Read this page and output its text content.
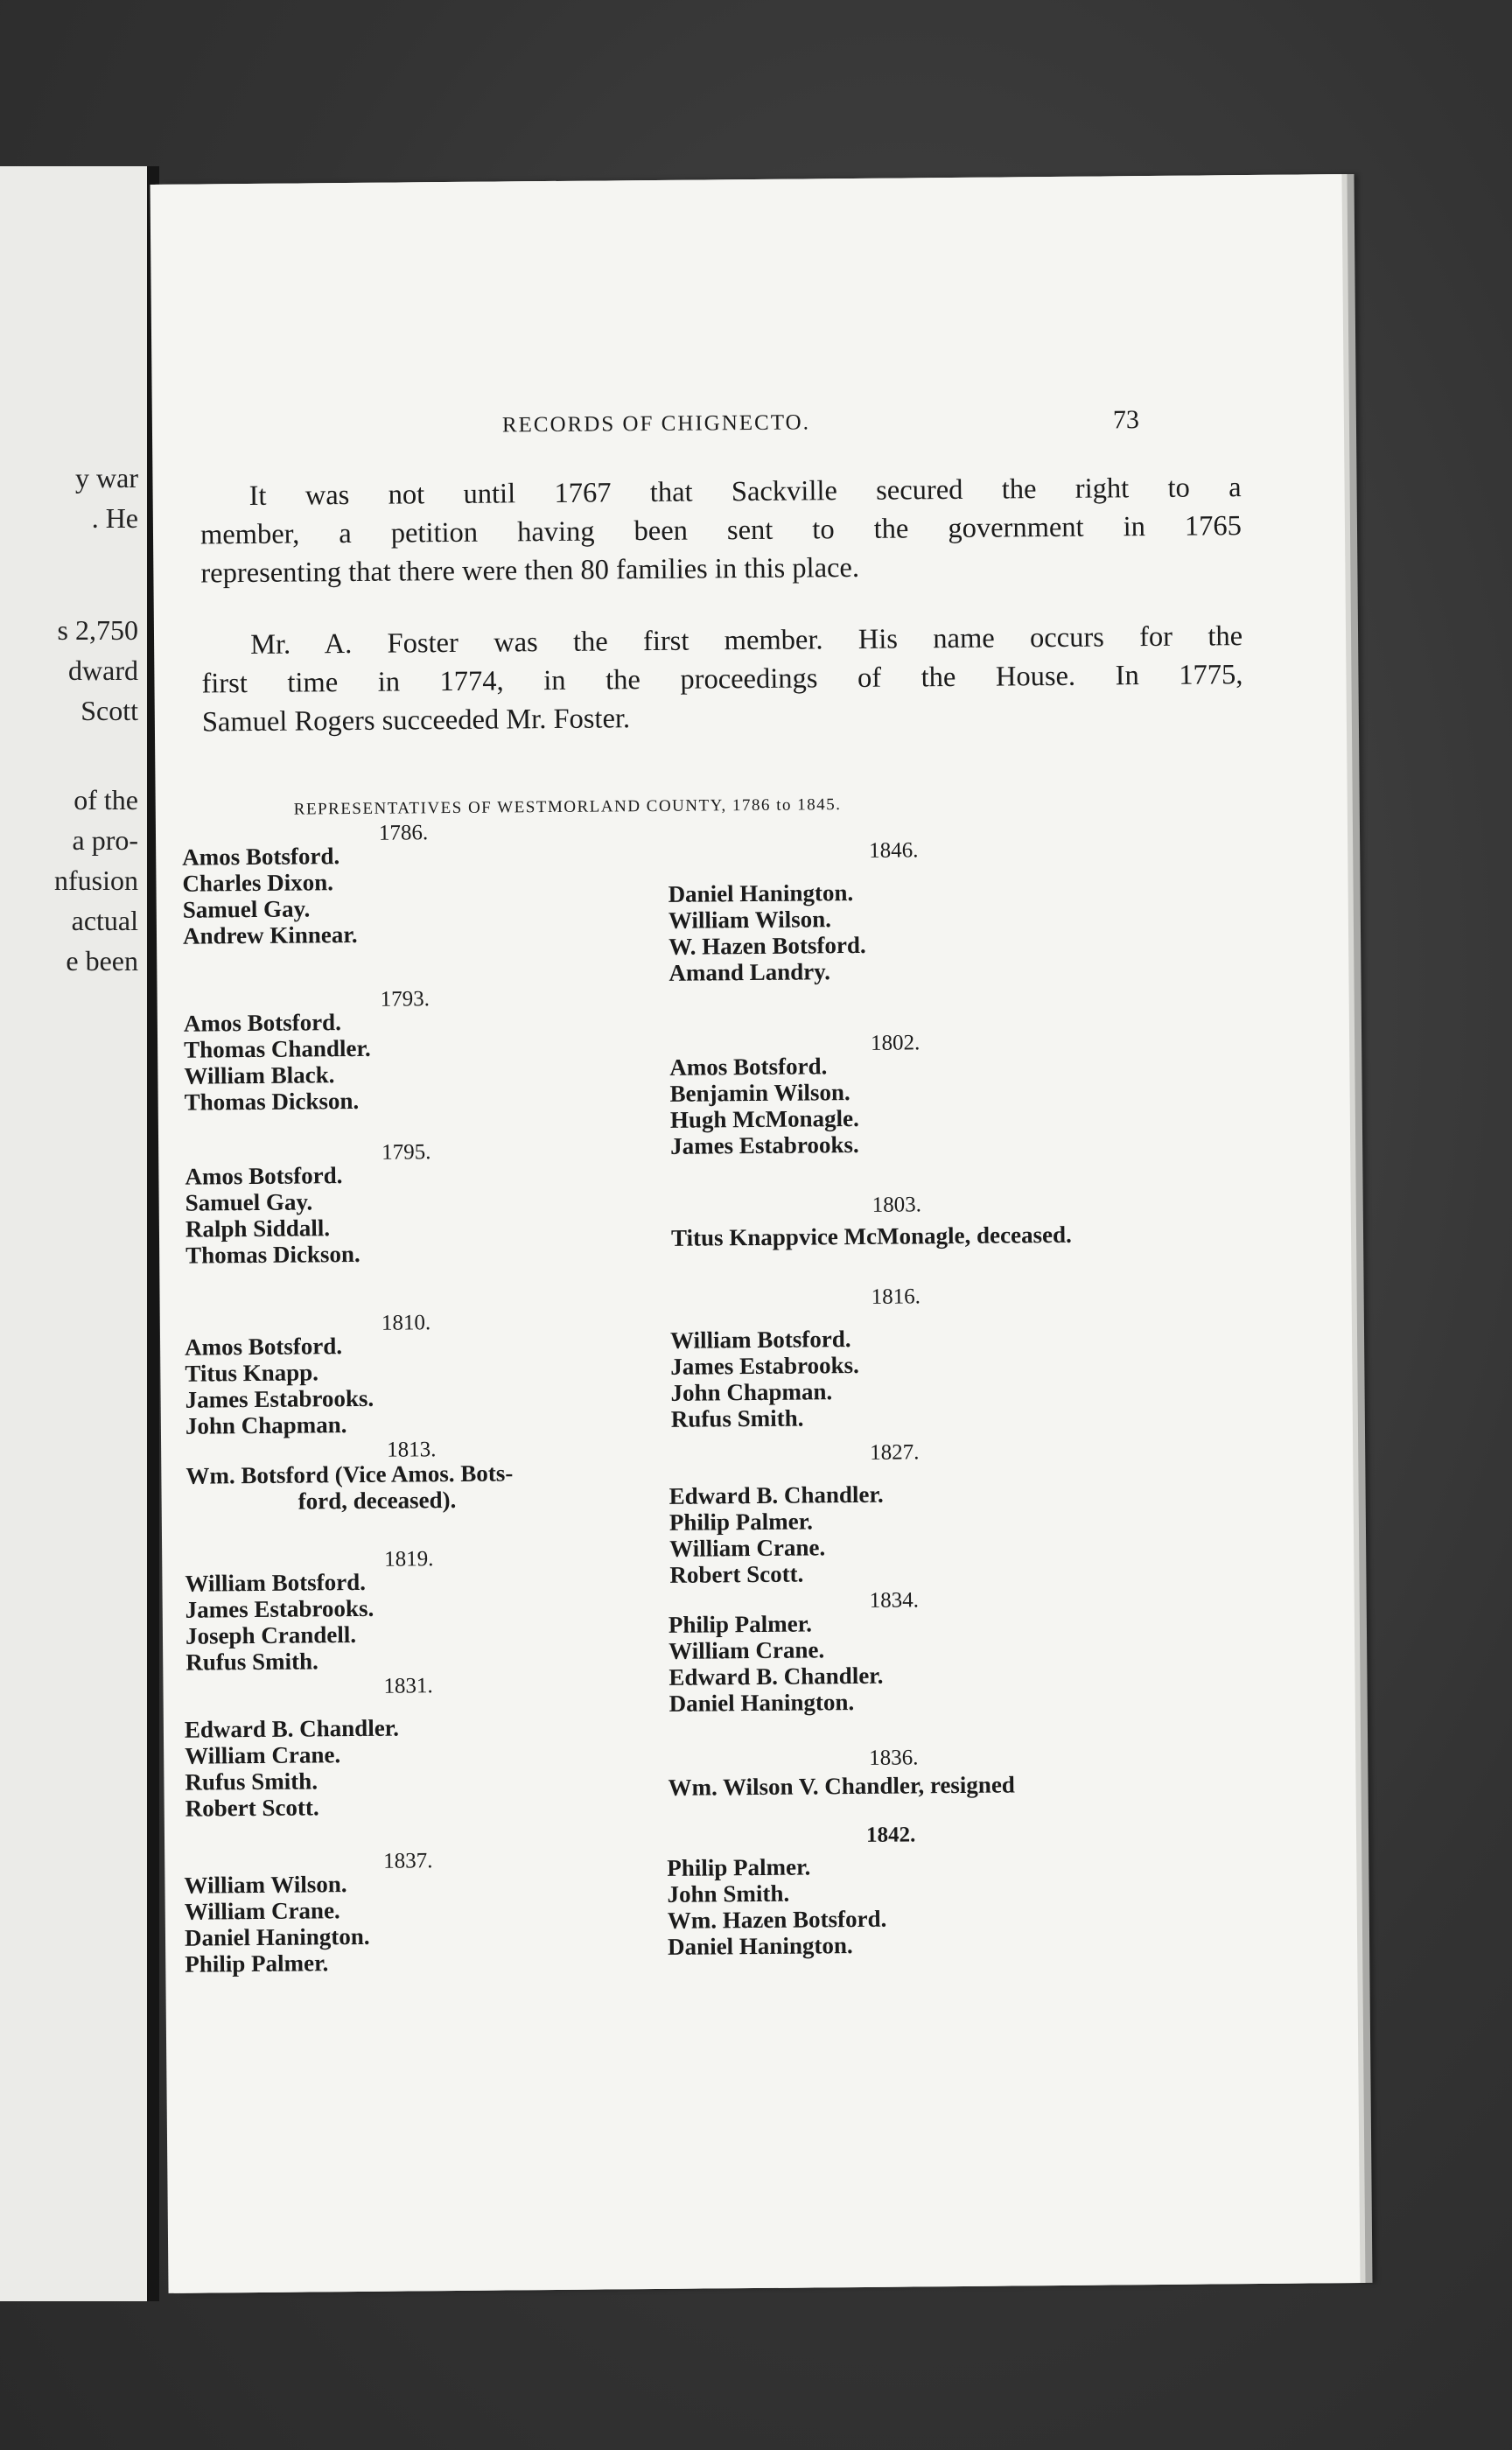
y war
. He
s 2,750
dward
Scott
of the
a pro-
nfusion
actual
e been
RECORDS OF CHIGNECTO.	73
It was not until 1767 that Sackville secured the right to a
member, a petition having been sent to the government in 1765
representing that there were then 80 families in this place.
Mr. A. Foster was the first member. His name occurs for the
first time in 1774, in the proceedings of the House. In 1775,
Samuel Rogers succeeded Mr. Foster.
REPRESENTATIVES OF WESTMORLAND COUNTY, 1786 to 1845.
1786.
Amos Botsford.
Charles Dixon.
Samuel Gay.
Andrew Kinnear.
1793.
Amos Botsford.
Thomas Chandler.
William Black.
Thomas Dickson.
1795.
Amos Botsford.
Samuel Gay.
Ralph Siddall.
Thomas Dickson.
1810.
Amos Botsford.
Titus Knapp.
James Estabrooks.
John Chapman.
1813.
Wm. Botsford (Vice Amos. Bots-
ford, deceased).
1819.
William Botsford.
James Estabrooks.
Joseph Crandell.
Rufus Smith.
1831.
Edward B. Chandler.
William Crane.
Rufus Smith.
Robert Scott.
1837.
William Wilson.
William Crane.
Daniel Hanington.
Philip Palmer.
1846.
Daniel Hanington.
William Wilson.
W. Hazen Botsford.
Amand Landry.
1802.
Amos Botsford.
Benjamin Wilson.
Hugh McMonagle.
James Estabrooks.
1803.
Titus Knappvice McMonagle, deceased.
1816.
William Botsford.
James Estabrooks.
John Chapman.
Rufus Smith.
1827.
Edward B. Chandler.
Philip Palmer.
William Crane.
Robert Scott.
1834.
Philip Palmer.
William Crane.
Edward B. Chandler.
Daniel Hanington.
1836.
Wm. Wilson V. Chandler, resigned
1842.
Philip Palmer.
John Smith.
Wm. Hazen Botsford.
Daniel Hanington.
